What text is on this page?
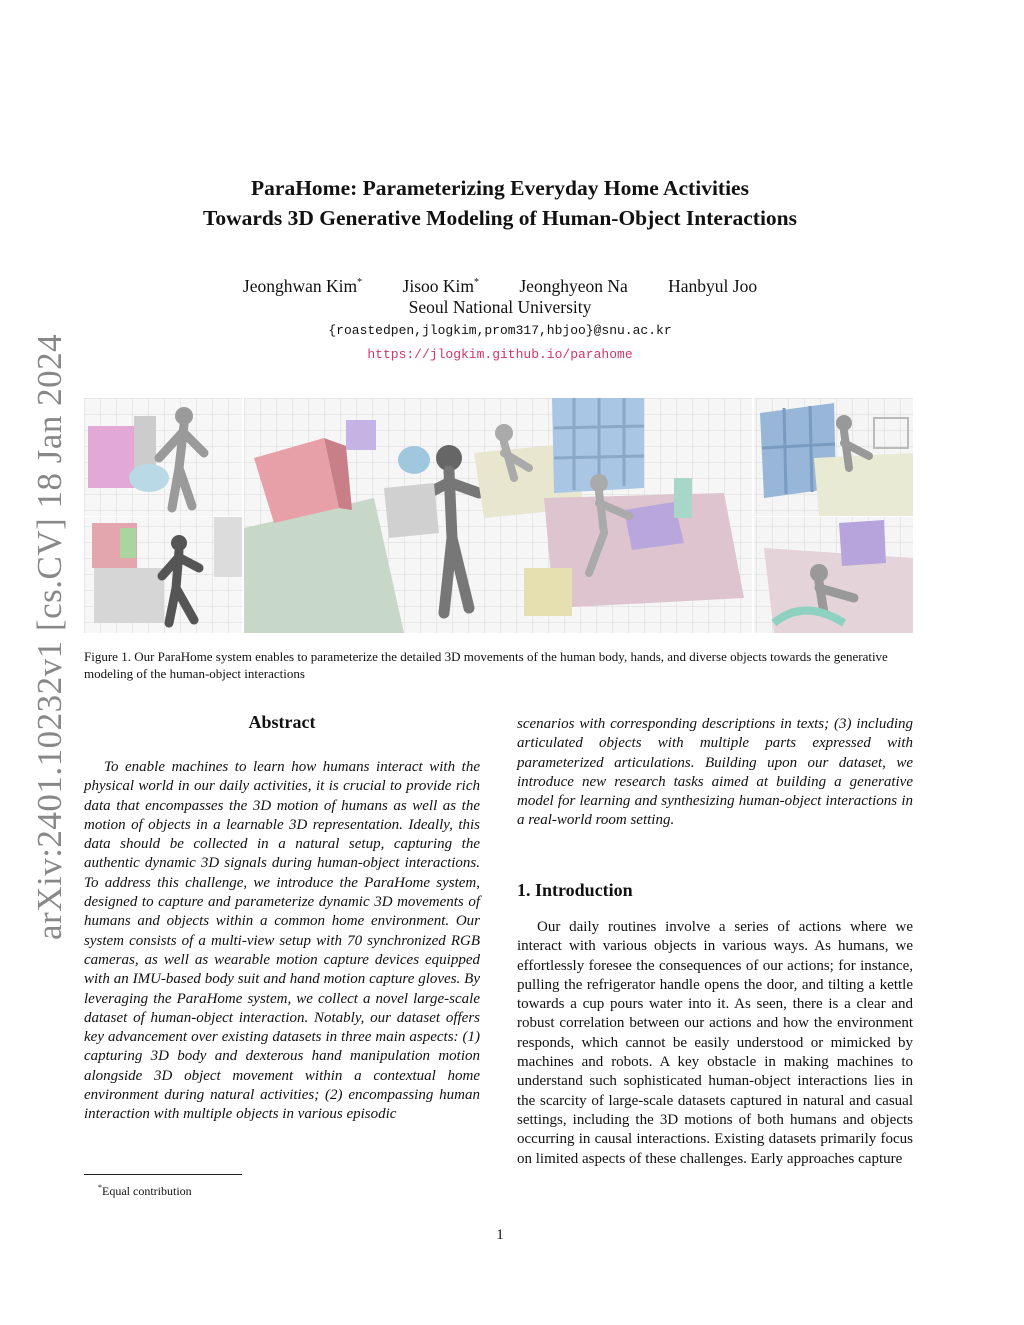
arXiv:2401.10232v1 [cs.CV] 18 Jan 2024
ParaHome: Parameterizing Everyday Home Activities
Towards 3D Generative Modeling of Human-Object Interactions
Jeonghwan Kim* Jisoo Kim* Jeonghyeon Na Hanbyul Joo
Seoul National University
{roastedpen,jlogkim,prom317,hbjoo}@snu.ac.kr
https://jlogkim.github.io/parahome
Figure 1. Our ParaHome system enables to parameterize the detailed 3D movements of the human body, hands, and diverse objects towards the generative modeling of the human-object interactions
Abstract

To enable machines to learn how humans interact with the physical world in our daily activities, it is crucial to provide rich data that encompasses the 3D motion of humans as well as the motion of objects in a learnable 3D representation. Ideally, this data should be collected in a natural setup, capturing the authentic dynamic 3D signals during human-object interactions. To address this challenge, we introduce the ParaHome system, designed to capture and parameterize dynamic 3D movements of humans and objects within a common home environment. Our system consists of a multi-view setup with 70 synchronized RGB cameras, as well as wearable motion capture devices equipped with an IMU-based body suit and hand motion capture gloves. By leveraging the ParaHome system, we collect a novel large-scale dataset of human-object interaction. Notably, our dataset offers key advancement over existing datasets in three main aspects: (1) capturing 3D body and dexterous hand manipulation motion alongside 3D object movement within a contextual home environment during natural activities; (2) encompassing human interaction with multiple objects in various episodic

scenarios with corresponding descriptions in texts; (3) including articulated objects with multiple parts expressed with parameterized articulations. Building upon our dataset, we introduce new research tasks aimed at building a generative model for learning and synthesizing human-object interactions in a real-world room setting.

1. Introduction

Our daily routines involve a series of actions where we interact with various objects in various ways. As humans, we effortlessly foresee the consequences of our actions; for instance, pulling the refrigerator handle opens the door, and tilting a kettle towards a cup pours water into it. As seen, there is a clear and robust correlation between our actions and how the environment responds, which cannot be easily understood or mimicked by machines and robots. A key obstacle in making machines to understand such sophisticated human-object interactions lies in the scarcity of large-scale datasets captured in natural and casual settings, including the 3D motions of both humans and objects occurring in causal interactions. Existing datasets primarily focus on limited aspects of these challenges. Early approaches capture

*Equal contribution
1
